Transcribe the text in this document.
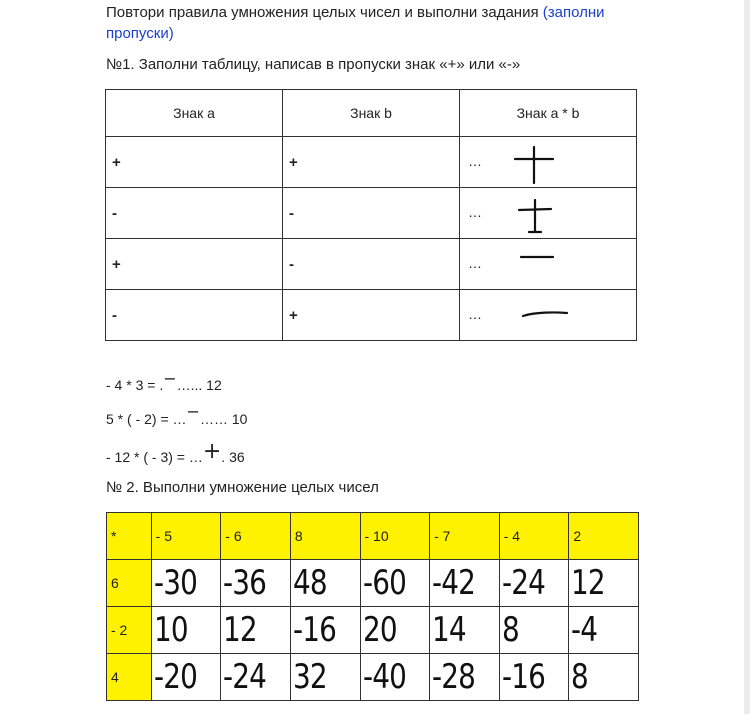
Повтори правила умножения целых чисел и выполни задания (заполни пропуски)
№1. Заполни таблицу, написав в пропуски знак «+» или «-»
Знак a	Знак b	Знак a * b
+	+	…
-	-	…
+	-	…
-	+	…
- 4 * 3 = .−…... 12
5 * ( - 2) = …−…… 10
- 12 * ( - 3) = …+. 36
№ 2. Выполни умножение целых чисел
*	- 5	- 6	8	- 10	- 7	- 4	2
6	-30	-36	48	-60	-42	-24	12

- 2	10	12	-16	20	14	8	-4

4	-20	-24	32	-40	-28	-16	8
